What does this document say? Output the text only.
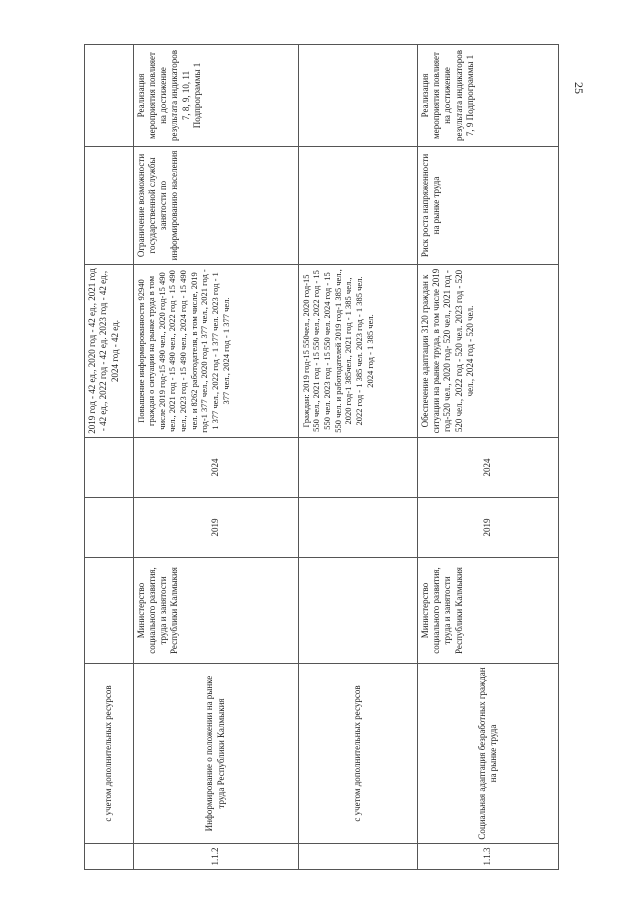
25
	с учетом дополнительных ресурсов				2019 год - 42 ед., 2020 год - 42 ед., 2021 год - 42 ед., 2022 год - 42 ед. 2023 год - 42 ед., 2024 год - 42 ед.		
1.1.2	Информирование о положении на рынке труда Республики Калмыкия	Министерство социального развития, труда и занятости Республики Калмыкия	2019	2024	Повышение информированности 92940 граждан о ситуации на рынке труда в том числе 2019 год-15 490 чел., 2020 год-15 490 чел., 2021 год - 15 490 чел., 2022 год - 15 490 чел., 2023 год - 15 490 чел., 2024 год - 15 490 чел. и 8262 работодателя, в том числе, 2019 год-1 377 чел., 2020 год-1 377 чел., 2021 год - 1 377 чел., 2022 год - 1 377 чел. 2023 год - 1 377 чел., 2024 год - 1 377 чел.	Ограничение возможности государственной службы занятости по информированию населения	Реализация мероприятия повлияет на достижение результата индикаторов 7, 8, 9, 10, 11 Подпрограммы 1
	с учетом дополнительных ресурсов				Граждан: 2019 год-15 550чел., 2020 год-15 550 чел., 2021 год - 15 550 чел., 2022 год - 15 550 чел. 2023 год - 15 550 чел. 2024 год - 15 550 чел. и работодателей 2019 год-1 385 чел., 2020 год-1 385чел., 2021 год - 1 385 чел., 2022 год - 1 385 чел. 2023 год - 1 385 чел. 2024 год - 1 385 чел.		
1.1.3	Социальная адаптация безработных граждан на рынке труда	Министерство социального развития, труда и занятости Республики Калмыкия	2019	2024	Обеспечение адаптации 3120 граждан к ситуации на рынке труда, в том числе 2019 год-520 чел., 2020 год- 520 чел., 2021 год - 520 чел., 2022 год - 520 чел. 2023 год - 520 чел., 2024 год - 520 чел.	Риск роста напряженности на рынке труда	Реализация мероприятия повлияет на достижение результата индикаторов 7, 9 Подпрограммы 1
